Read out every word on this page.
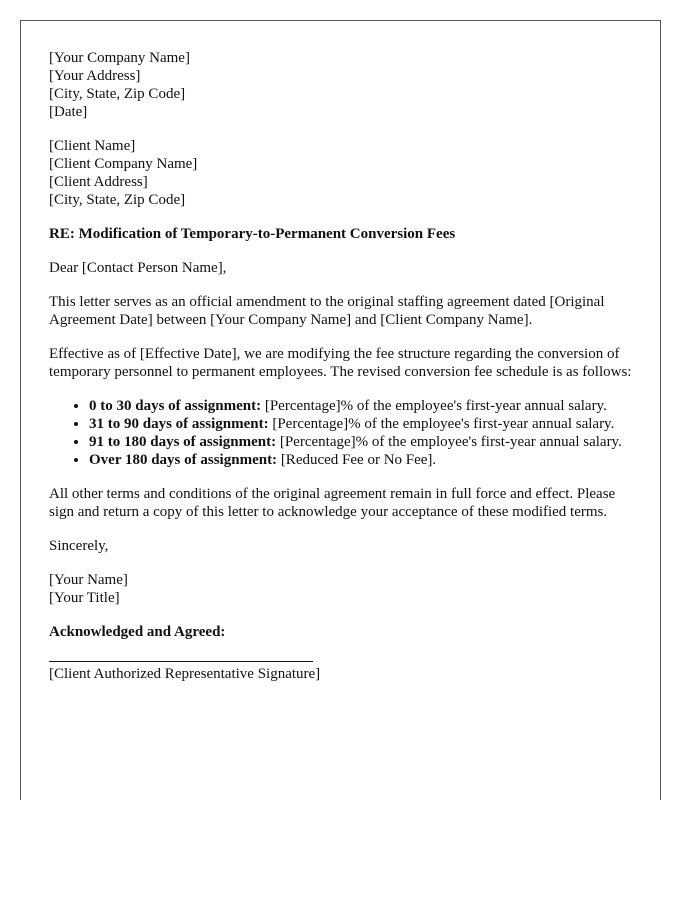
[Your Company Name]
[Your Address]
[City, State, Zip Code]
[Date]
[Client Name]
[Client Company Name]
[Client Address]
[City, State, Zip Code]
RE: Modification of Temporary-to-Permanent Conversion Fees
Dear [Contact Person Name],
This letter serves as an official amendment to the original staffing agreement dated [Original Agreement Date] between [Your Company Name] and [Client Company Name].
Effective as of [Effective Date], we are modifying the fee structure regarding the conversion of temporary personnel to permanent employees. The revised conversion fee schedule is as follows:
• 0 to 30 days of assignment: [Percentage]% of the employee's first-year annual salary.
• 31 to 90 days of assignment: [Percentage]% of the employee's first-year annual salary.
• 91 to 180 days of assignment: [Percentage]% of the employee's first-year annual salary.
• Over 180 days of assignment: [Reduced Fee or No Fee].
All other terms and conditions of the original agreement remain in full force and effect. Please sign and return a copy of this letter to acknowledge your acceptance of these modified terms.
Sincerely,
[Your Name]
[Your Title]
Acknowledged and Agreed:
[Client Authorized Representative Signature]
